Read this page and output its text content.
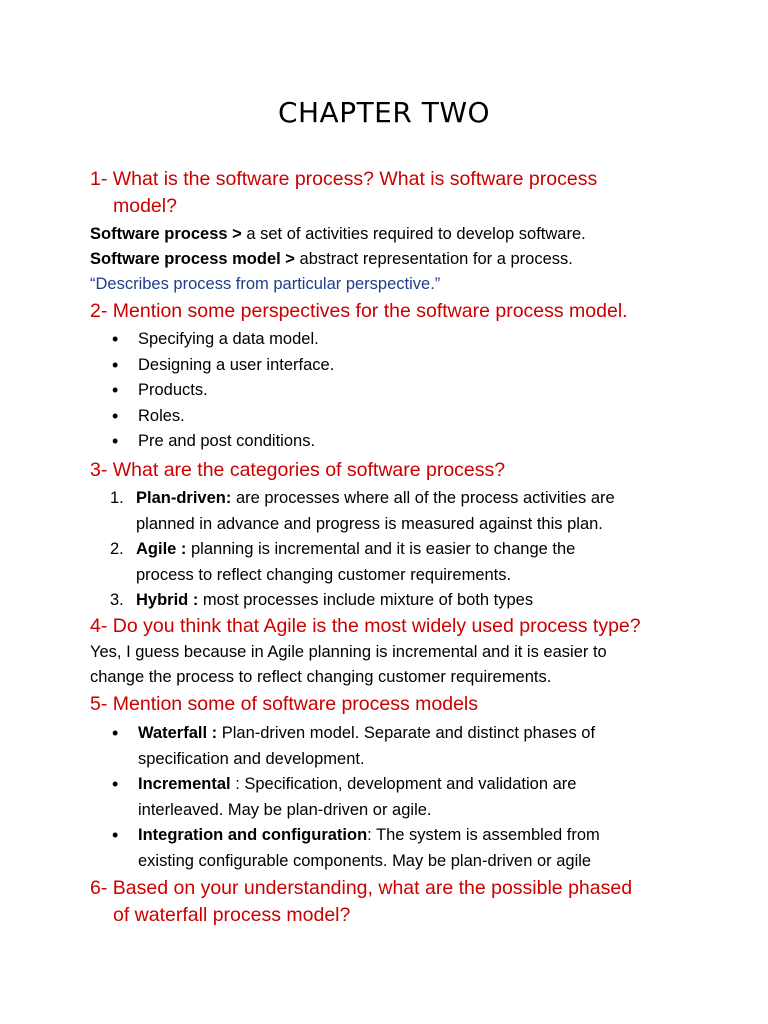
CHAPTER TWO
1- What is the software process? What is software process
model?
Software process > a set of activities required to develop software.
Software process model > abstract representation for a process.
“Describes process from particular perspective.”
2- Mention some perspectives for the software process model.
• Specifying a data model.
• Designing a user interface.
• Products.
• Roles.
• Pre and post conditions.
3- What are the categories of software process?
1. Plan-driven: are processes where all of the process activities are
planned in advance and progress is measured against this plan.
2. Agile : planning is incremental and it is easier to change the
process to reflect changing customer requirements.
3. Hybrid : most processes include mixture of both types
4- Do you think that Agile is the most widely used process type?
Yes, I guess because in Agile planning is incremental and it is easier to
change the process to reflect changing customer requirements.
5- Mention some of software process models
• Waterfall : Plan-driven model. Separate and distinct phases of
specification and development.
• Incremental : Specification, development and validation are
interleaved. May be plan-driven or agile.
• Integration and configuration: The system is assembled from
existing configurable components. May be plan-driven or agile
6- Based on your understanding, what are the possible phased
of waterfall process model?
